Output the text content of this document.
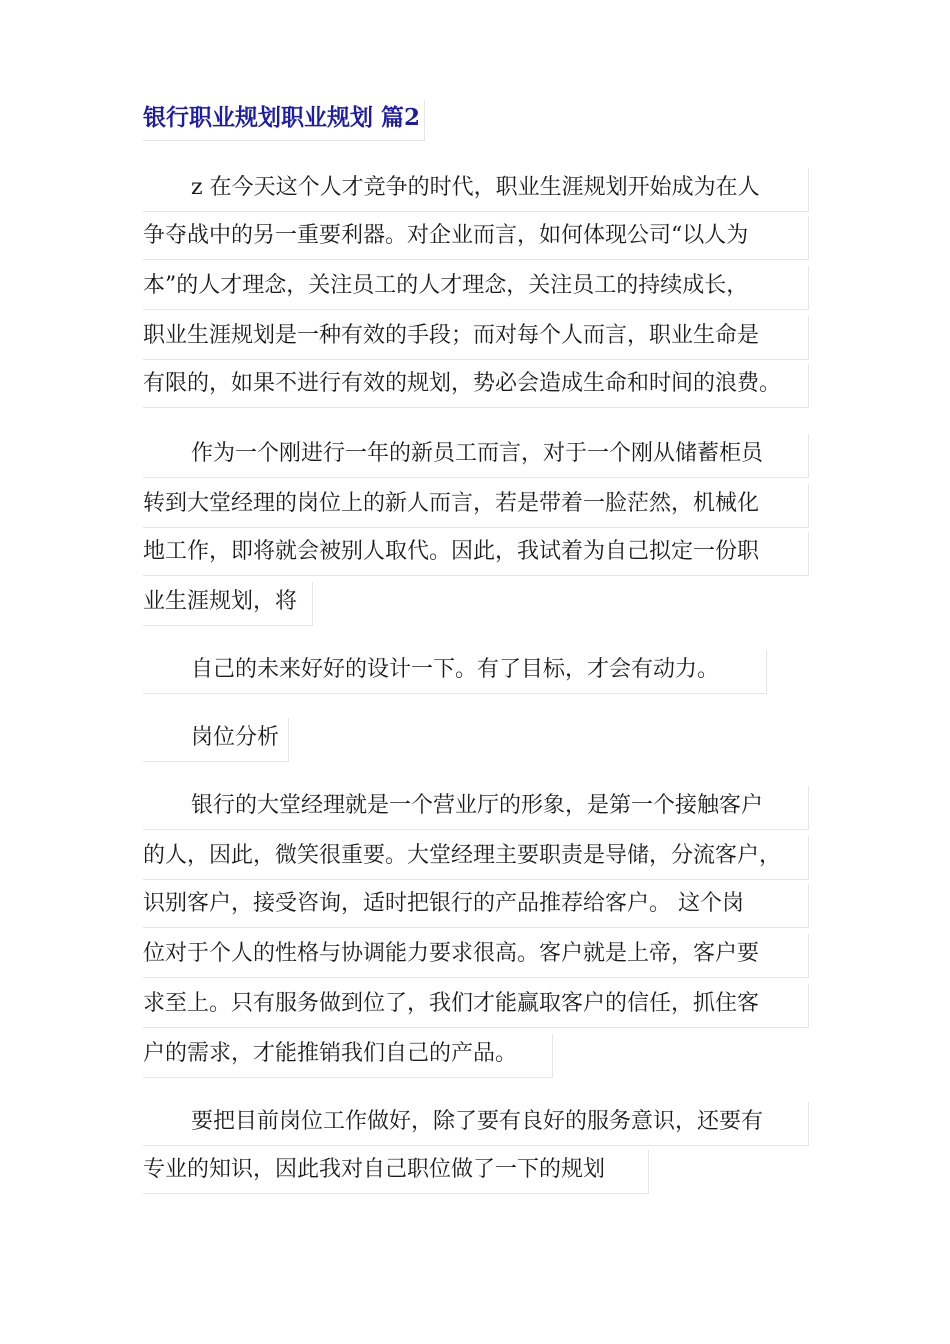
银行职业规划职业规划 篇2
z 在今天这个人才竞争的时代，职业生涯规划开始成为在人
争夺战中的另一重要利器。对企业而言，如何体现公司“以人为
本”的人才理念，关注员工的人才理念，关注员工的持续成长，
职业生涯规划是一种有效的手段；而对每个人而言，职业生命是
有限的，如果不进行有效的规划，势必会造成生命和时间的浪费。
作为一个刚进行一年的新员工而言，对于一个刚从储蓄柜员
转到大堂经理的岗位上的新人而言，若是带着一脸茫然，机械化
地工作，即将就会被别人取代。因此，我试着为自己拟定一份职
业生涯规划，将
自己的未来好好的设计一下。有了目标，才会有动力。
岗位分析
银行的大堂经理就是一个营业厅的形象，是第一个接触客户
的人，因此，微笑很重要。大堂经理主要职责是导储，分流客户，
识别客户，接受咨询，适时把银行的产品推荐给客户。 这个岗
位对于个人的性格与协调能力要求很高。客户就是上帝，客户要
求至上。只有服务做到位了，我们才能赢取客户的信任，抓住客
户的需求，才能推销我们自己的产品。
要把目前岗位工作做好，除了要有良好的服务意识，还要有
专业的知识，因此我对自己职位做了一下的规划
